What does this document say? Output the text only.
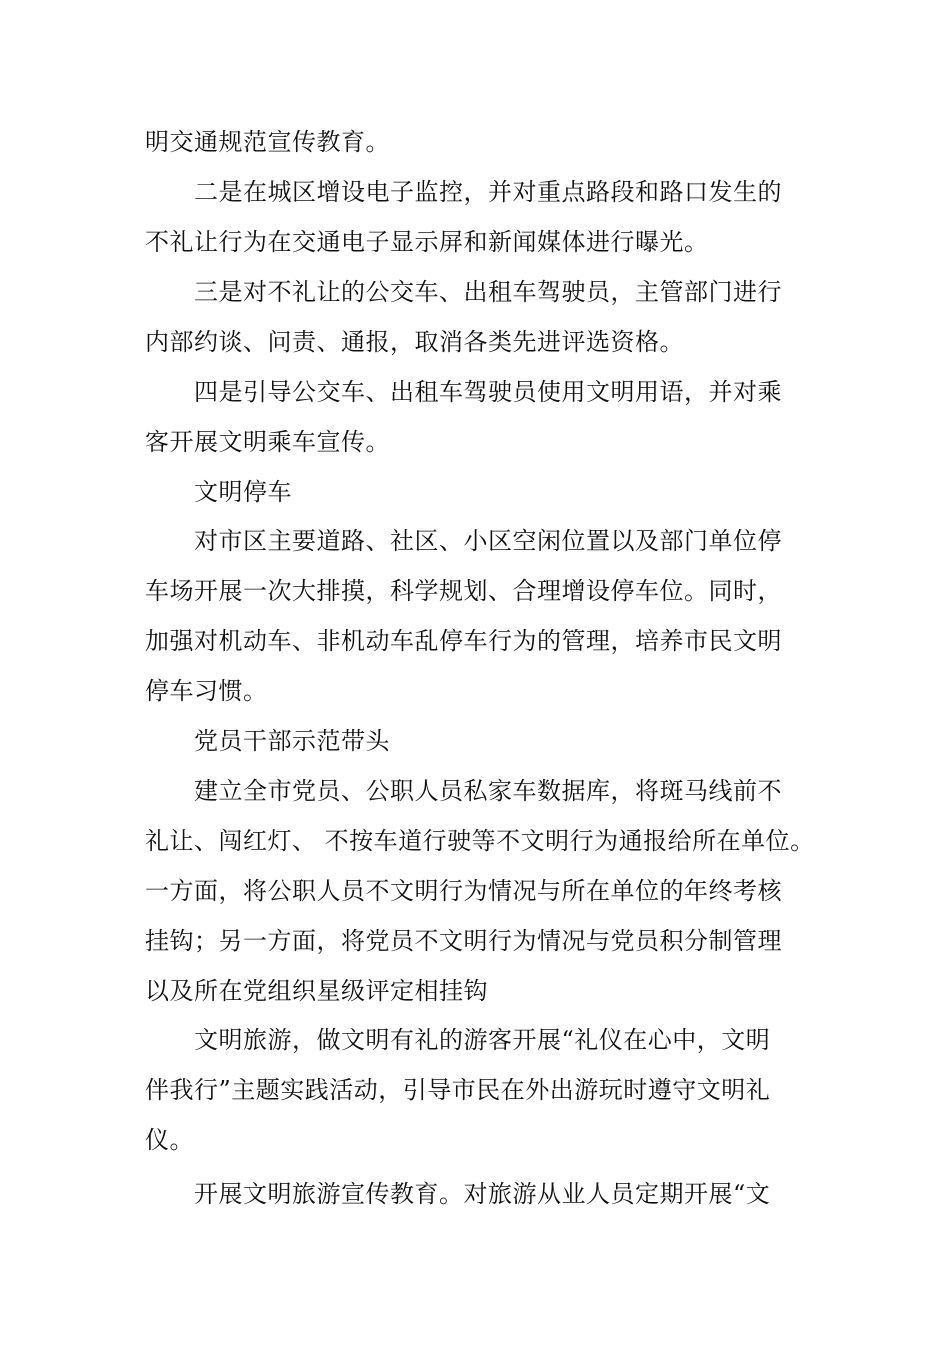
明交通规范宣传教育。
二是在城区增设电子监控，并对重点路段和路口发生的
不礼让行为在交通电子显示屏和新闻媒体进行曝光。
三是对不礼让的公交车、出租车驾驶员，主管部门进行
内部约谈、问责、通报，取消各类先进评选资格。
四是引导公交车、出租车驾驶员使用文明用语，并对乘
客开展文明乘车宣传。
文明停车
对市区主要道路、社区、小区空闲位置以及部门单位停
车场开展一次大排摸，科学规划、合理增设停车位。同时，
加强对机动车、非机动车乱停车行为的管理，培养市民文明
停车习惯。
党员干部示范带头
建立全市党员、公职人员私家车数据库，将斑马线前不
礼让、闯红灯、 不按车道行驶等不文明行为通报给所在单位。
一方面，将公职人员不文明行为情况与所在单位的年终考核
挂钩；另一方面，将党员不文明行为情况与党员积分制管理
以及所在党组织星级评定相挂钩
文明旅游，做文明有礼的游客开展“礼仪在心中，文明
伴我行”主题实践活动，引导市民在外出游玩时遵守文明礼
仪。
开展文明旅游宣传教育。对旅游从业人员定期开展“文
